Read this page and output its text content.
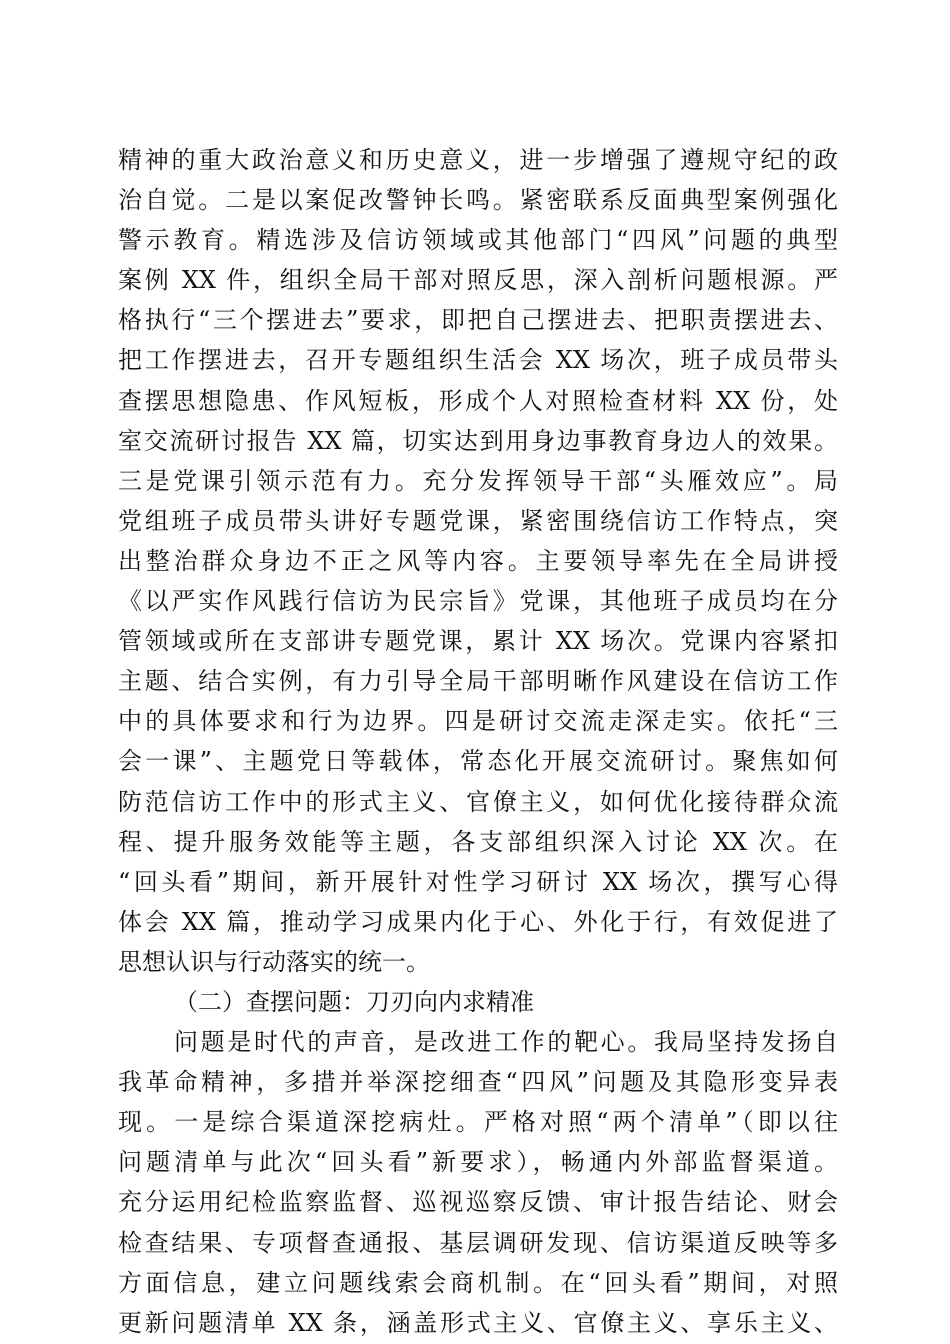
精神的重大政治意义和历史意义，进一步增强了遵规守纪的政
治自觉。二是以案促改警钟长鸣。紧密联系反面典型案例强化
警示教育。精选涉及信访领域或其他部门“四风”问题的典型
案例 XX 件，组织全局干部对照反思，深入剖析问题根源。严
格执行“三个摆进去”要求，即把自己摆进去、把职责摆进去、
把工作摆进去，召开专题组织生活会 XX 场次，班子成员带头
查摆思想隐患、作风短板，形成个人对照检查材料 XX 份，处
室交流研讨报告 XX 篇，切实达到用身边事教育身边人的效果。
三是党课引领示范有力。充分发挥领导干部“头雁效应”。局
党组班子成员带头讲好专题党课，紧密围绕信访工作特点，突
出整治群众身边不正之风等内容。主要领导率先在全局讲授
《以严实作风践行信访为民宗旨》党课，其他班子成员均在分
管领域或所在支部讲专题党课，累计 XX 场次。党课内容紧扣
主题、结合实例，有力引导全局干部明晰作风建设在信访工作
中的具体要求和行为边界。四是研讨交流走深走实。依托“三
会一课”、主题党日等载体，常态化开展交流研讨。聚焦如何
防范信访工作中的形式主义、官僚主义，如何优化接待群众流
程、提升服务效能等主题，各支部组织深入讨论 XX 次。在
“回头看”期间，新开展针对性学习研讨 XX 场次，撰写心得
体会 XX 篇，推动学习成果内化于心、外化于行，有效促进了
思想认识与行动落实的统一。
（二）查摆问题：刀刃向内求精准
问题是时代的声音，是改进工作的靶心。我局坚持发扬自
我革命精神，多措并举深挖细查“四风”问题及其隐形变异表
现。一是综合渠道深挖病灶。严格对照“两个清单”（即以往
问题清单与此次“回头看”新要求），畅通内外部监督渠道。
充分运用纪检监察监督、巡视巡察反馈、审计报告结论、财会
检查结果、专项督查通报、基层调研发现、信访渠道反映等多
方面信息，建立问题线索会商机制。在“回头看”期间，对照
更新问题清单 XX 条，涵盖形式主义、官僚主义、享乐主义、
